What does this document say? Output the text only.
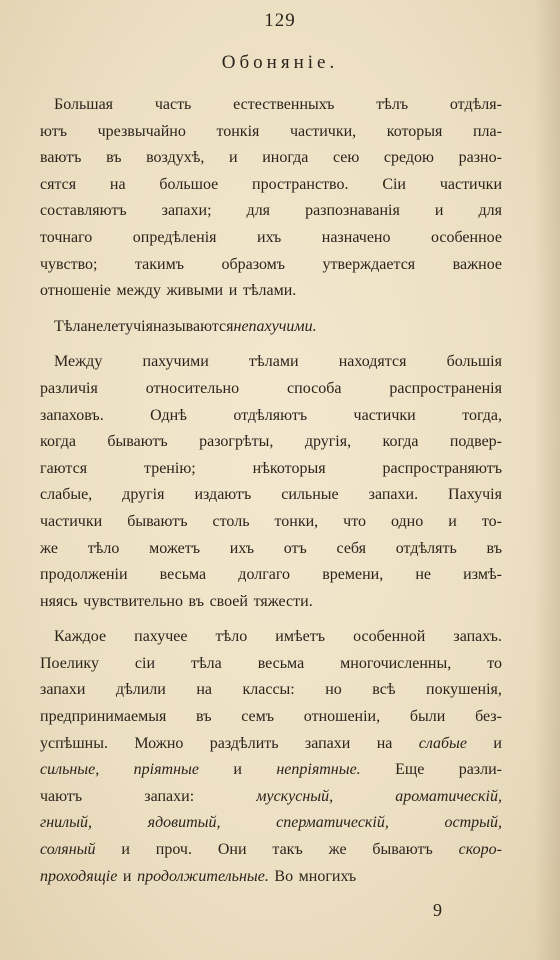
129
Обоняніе.
Большая	часть	естественныхъ	тѣлъ	отдѣля-
ютъ чрезвычайно тонкія частички, которыя пла-
ваютъ въ воздухѣ, и иногда сею средою разно-
сятся на большое пространство. Сіи частички
составляютъ запахи; для разпознаванія и для
точнаго	опредѣленія	ихъ	назначено	особенное
чувство; такимъ образомъ утверждается важное
отношеніе между живыми и тѣлами.
Тѣла нелетучія называются непахучими.
Между	пахучими	тѣлами	находятся	большія
различія	относительно	способа	распространенія
запаховъ.	Однѣ	отдѣляютъ	частички	тогда,
когда бываютъ разогрѣты, другія, когда подвер-
гаются	тренію;	нѣкоторыя	распространяютъ
слабые, другія издаютъ сильные запахи. Пахучія
частички бываютъ столь тонки, что одно и то-
же тѣло можетъ ихъ отъ себя отдѣлять въ
продолженіи весьма долгаго времени, не измѣ-
няясь чувствительно въ своей тяжести.
Каждое пахучее тѣло имѣетъ особенной запахъ.
Поелику сіи тѣла весьма многочисленны, то
запахи дѣлили на классы: но всѣ покушенія,
предпринимаемыя въ семъ отношеніи, были без-
успѣшны. Можно раздѣлить запахи на слабые и
сильные, пріятные и непріятные. Еще разли-
чаютъ	запахи:	мускусный,	ароматическій,
гнилый,	ядовитый,	сперматическій,	острый,
соляный и проч. Они такъ же бываютъ скоро-
проходящіе и продолжительные. Во многихъ
9
